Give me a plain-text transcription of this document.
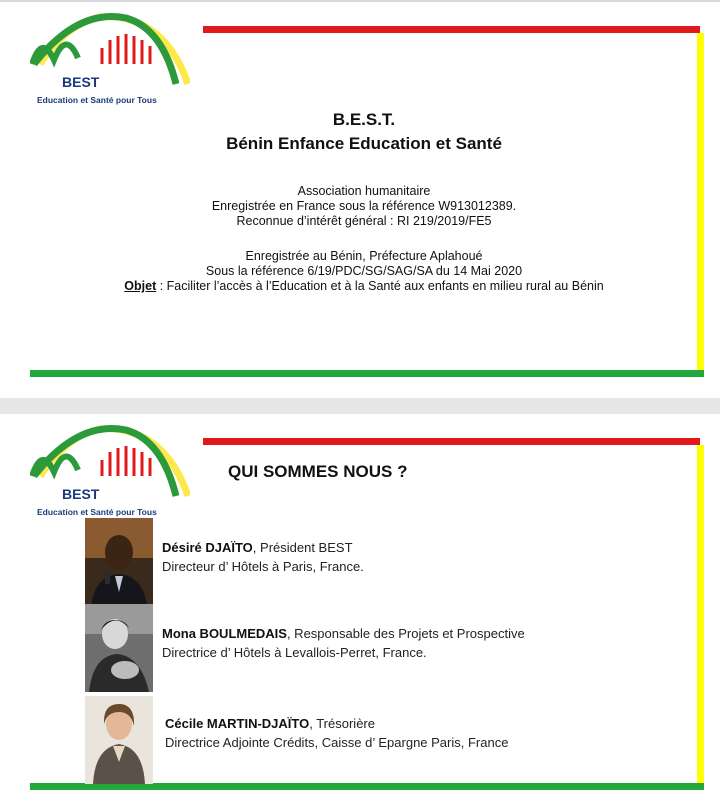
BEST
Education et Santé pour Tous
B.E.S.T.
Bénin Enfance Education et Santé
Association humanitaire
Enregistrée en France sous la référence W913012389.
Reconnue d’intérêt général : RI 219/2019/FE5
Enregistrée au Bénin, Préfecture Aplahoué
Sous la référence 6/19/PDC/SG/SAG/SA du 14 Mai 2020
Objet : Faciliter l’accès à l’Education et à la Santé aux enfants en milieu rural au Bénin
BEST
Education et Santé pour Tous
QUI SOMMES NOUS ?
Désiré DJAÏTO, Président BEST
Directeur d’ Hôtels à Paris, France.
Mona BOULMEDAIS, Responsable des Projets et Prospective
Directrice d’ Hôtels à Levallois-Perret, France.
Cécile MARTIN-DJAÏTO, Trésorière
Directrice Adjointe Crédits, Caisse d’ Epargne Paris, France
